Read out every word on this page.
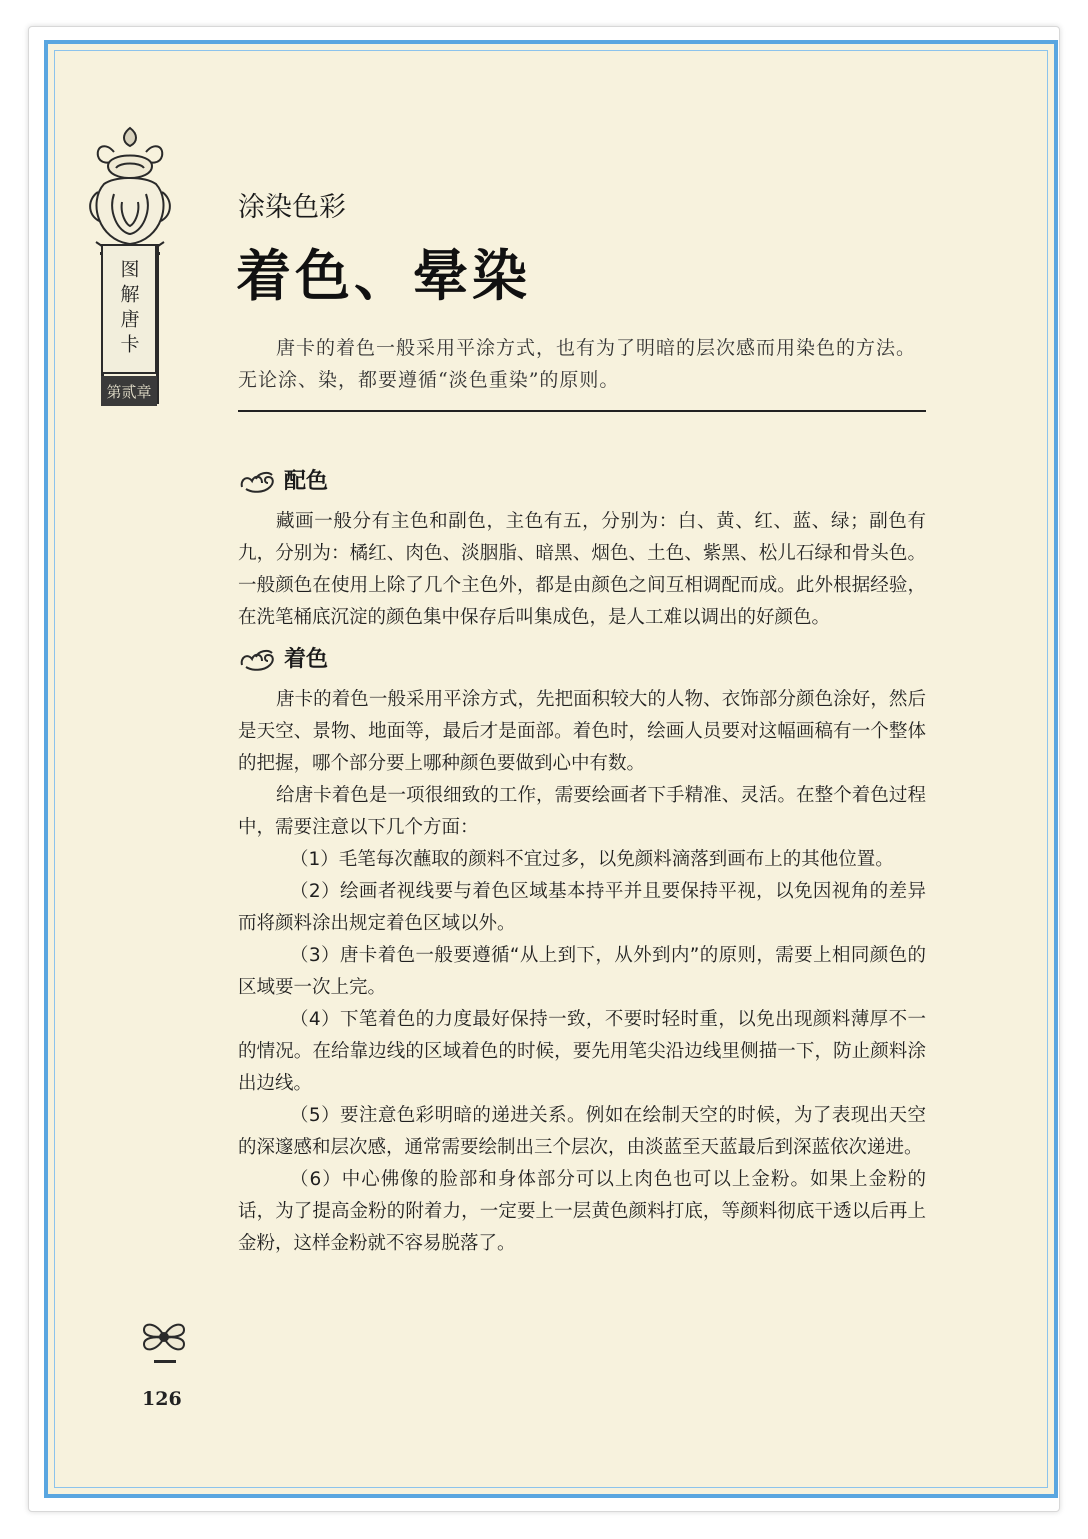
图解唐卡
第贰章
涂染色彩
着色、晕染

唐卡的着色一般采用平涂方式，也有为了明暗的层次感而用染色的方法。无论涂、染，都要遵循“淡色重染”的原则。

配色

藏画一般分有主色和副色，主色有五，分别为：白、黄、红、蓝、绿；副色有九，分别为：橘红、肉色、淡胭脂、暗黑、烟色、土色、紫黑、松儿石绿和骨头色。一般颜色在使用上除了几个主色外，都是由颜色之间互相调配而成。此外根据经验，在洗笔桶底沉淀的颜色集中保存后叫集成色，是人工难以调出的好颜色。

着色

唐卡的着色一般采用平涂方式，先把面积较大的人物、衣饰部分颜色涂好，然后是天空、景物、地面等，最后才是面部。着色时，绘画人员要对这幅画稿有一个整体的把握，哪个部分要上哪种颜色要做到心中有数。

给唐卡着色是一项很细致的工作，需要绘画者下手精准、灵活。在整个着色过程中，需要注意以下几个方面：

（1）毛笔每次蘸取的颜料不宜过多，以免颜料滴落到画布上的其他位置。

（2）绘画者视线要与着色区域基本持平并且要保持平视，以免因视角的差异而将颜料涂出规定着色区域以外。

（3）唐卡着色一般要遵循“从上到下，从外到内”的原则，需要上相同颜色的区域要一次上完。

（4）下笔着色的力度最好保持一致，不要时轻时重，以免出现颜料薄厚不一的情况。在给靠边线的区域着色的时候，要先用笔尖沿边线里侧描一下，防止颜料涂出边线。

（5）要注意色彩明暗的递进关系。例如在绘制天空的时候，为了表现出天空的深邃感和层次感，通常需要绘制出三个层次，由淡蓝至天蓝最后到深蓝依次递进。

（6）中心佛像的脸部和身体部分可以上肉色也可以上金粉。如果上金粉的话，为了提高金粉的附着力，一定要上一层黄色颜料打底，等颜料彻底干透以后再上金粉，这样金粉就不容易脱落了。

126
